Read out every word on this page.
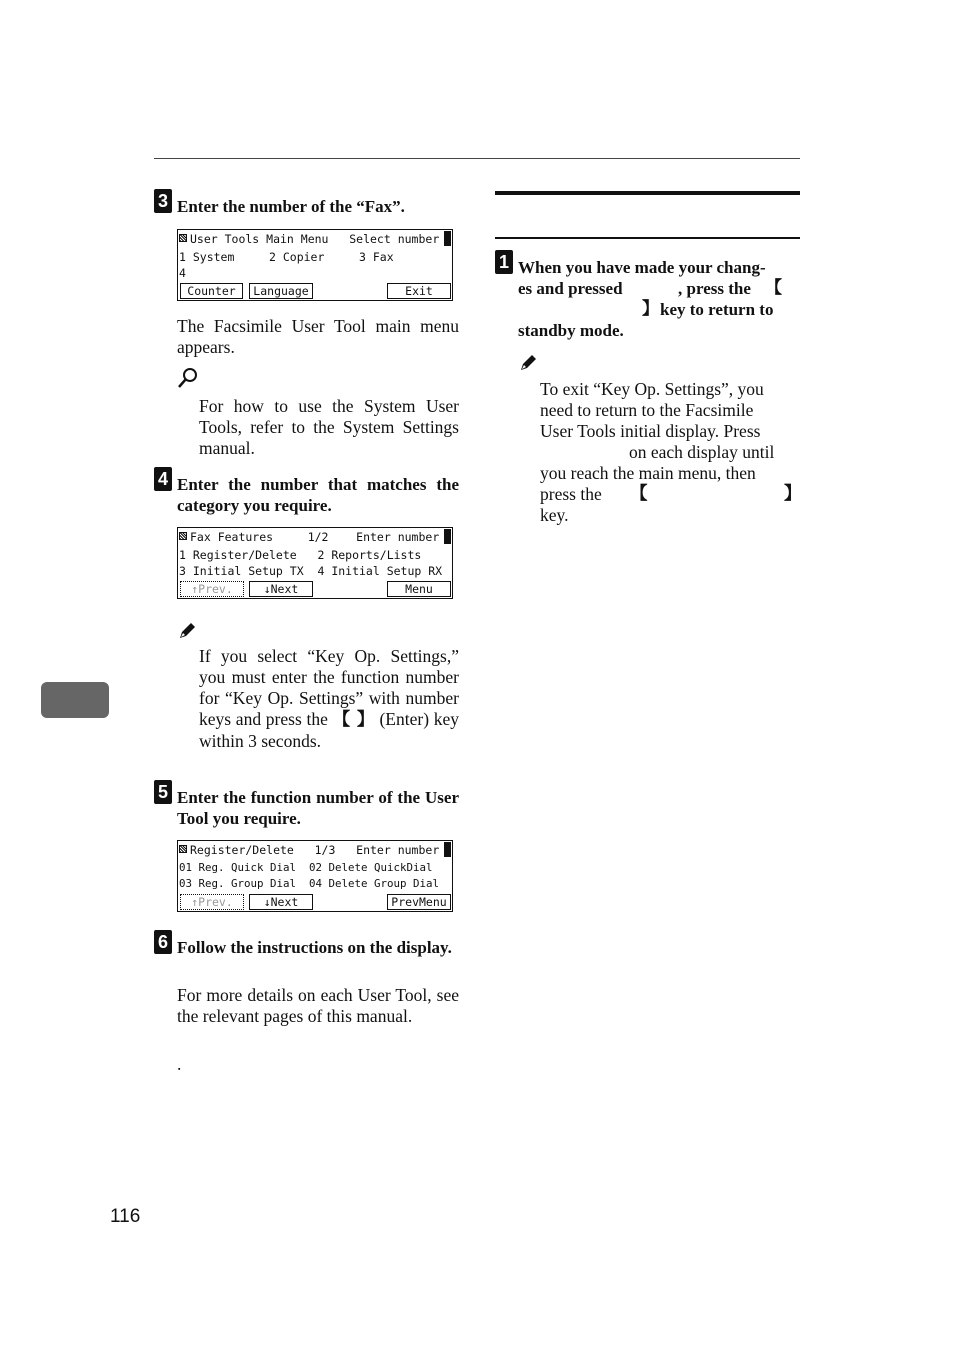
3 Enter the number of the “Fax”.
User Tools Main Menu   Select number
1 System     2 Copier     3 Fax
4
Counter	Language	Exit
The Facsimile User Tool main menu appears.
For how to use the System User Tools, refer to the System Settings manual.
4 Enter the number that matches the category you require.
Fax Features     1/2    Enter number
1 Register/Delete   2 Reports/Lists
3 Initial Setup TX  4 Initial Setup RX
↑Prev.	↓Next	Menu
If you select “Key Op. Settings,” you must enter the function number for “Key Op. Settings” with number keys and press the 【 】 (Enter) key within 3 seconds.
5 Enter the function number of the User Tool you require.
Register/Delete   1/3   Enter number
01 Reg. Quick Dial  02 Delete QuickDial
03 Reg. Group Dial  04 Delete Group Dial
↑Prev.	↓Next	PrevMenu
6 Follow the instructions on the display.
For more details on each User Tool, see the relevant pages of this manual.
.
1 When you have made your chang-
es and pressed	, press the 【
】 key to return to
standby mode.
To exit “Key Op. Settings”, you
need to return to the Facsimile
User Tools initial display. Press
on each display until
you reach the main menu, then
press the 【	】
key.
116
